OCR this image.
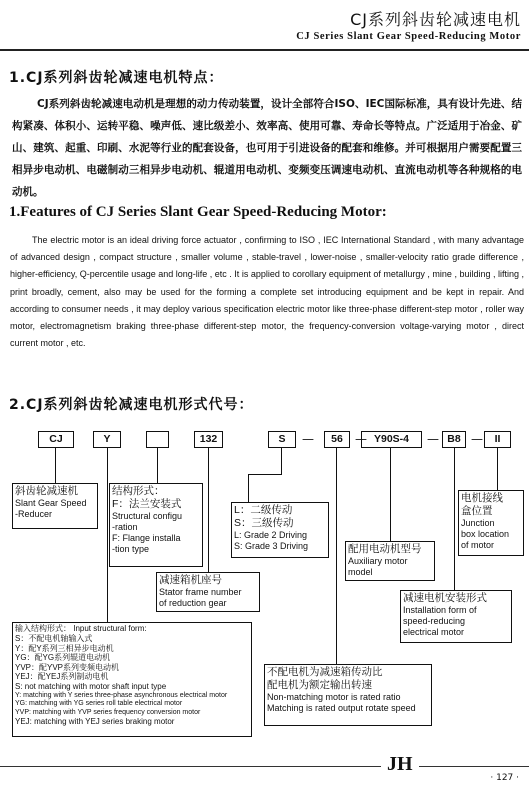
CJ系列斜齿轮减速电机
CJ Series Slant Gear Speed-Reducing Motor
1.CJ系列斜齿轮减速电机特点：
CJ系列斜齿轮减速电动机是理想的动力传动装置，设计全部符合ISO、IEC国际标准，具有设计先进、结构紧凑、体积小、运转平稳、噪声低、速比级差小、效率高、使用可靠、寿命长等特点。广泛适用于冶金、矿山、建筑、起重、印刷、水泥等行业的配套设备，也可用于引进设备的配套和维修。并可根据用户需要配置三相异步电动机、电磁制动三相异步电动机、辊道用电动机、变频变压调速电动机、直流电动机等各种规格的电动机。
1.Features of CJ Series Slant Gear Speed-Reducing Motor:
The electric motor is an ideal driving force actuator , confirming to ISO , IEC International Standard , with many advantage of advanced design , compact structure , smaller volume , stable-travel , lower-noise , smaller-velocity ratio grade difference , higher-efficiency, Q-percentile usage and long-life , etc . It is applied to corollary equipment of metallurgy , mine , building , lifting , print broadly, cement, also may be used for the forming a complete set introducing equipment and be kept in repair. And according to consumer needs , it may deploy various specification electric motor like three-phase different-step motor , roller way motor, electromagnetism braking three-phase different-step motor, the frequency-conversion voltage-varying motor , direct current motor , etc.
2.CJ系列斜齿轮减速电机形式代号：
CJ	Y	132	S	—	56	— Y90S-4	— B8 —	II
斜齿轮减速机
Slant Gear Speed
-Reducer
结构形式：
F：法兰安装式
Structural configu
-ration
F: Flange installa
-tion type
减速箱机座号
Stator frame number
of reduction gear
L：二级传动
S：三级传动
L: Grade 2 Driving
S: Grade 3 Driving	配用电动机型号
Auxiliary motor
model
电机接线
盒位置
Junction
box location
of motor
减速电机安装形式
Installation form of
speed-reducing
electrical motor
输入结构形式： Input structural form:
S：不配电机轴输入式
Y：配Y系列三相异步电动机
YG：配YG系列辊道电动机
YVP：配YVP系列变频电动机
YEJ：配YEJ系列制动电机
S: not matching with motor shaft input type
Y: matching with Y series three-phase asynchronous electrical motor
YG: matching with YG series roll table electrical motor
YVP: matching with YVP series frequency conversion motor
YEJ: matching with YEJ series braking motor
不配电机为减速箱传动比
配电机为额定输出转速
Non-matching motor is rated ratio
Matching is rated output rotate speed
JH
· 127 ·
